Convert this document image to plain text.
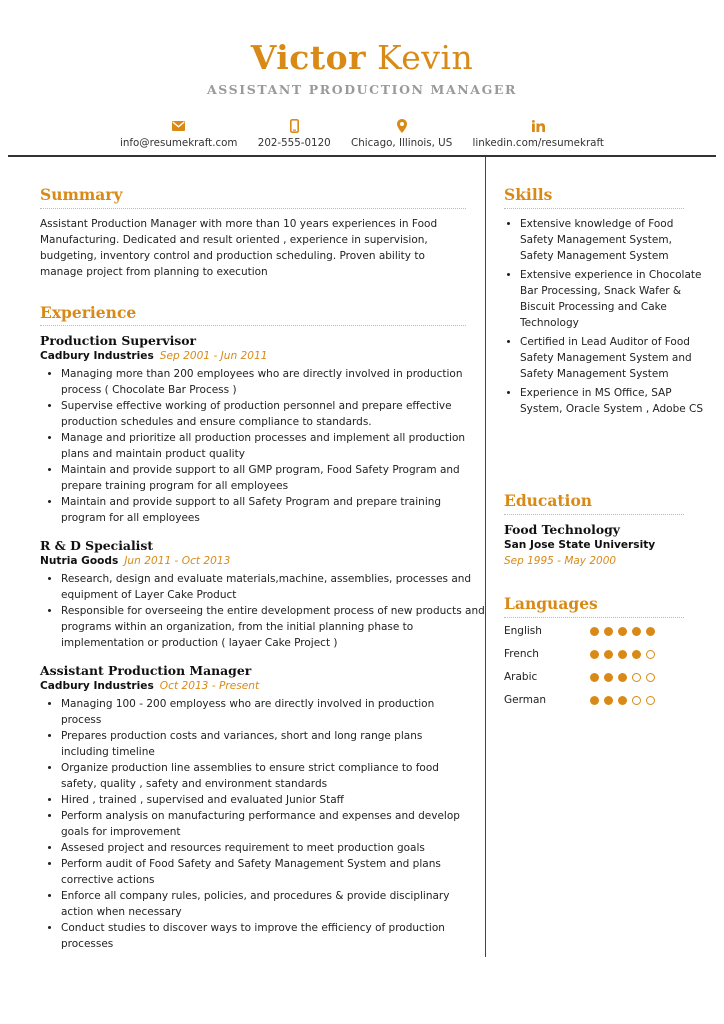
Victor Kevin
ASSISTANT PRODUCTION MANAGER
info@resumekraft.com 202-555-0120 Chicago, Illinois, US linkedin.com/resumekraft
Summary
Assistant Production Manager with more than 10 years experiences in Food Manufacturing. Dedicated and result oriented , experience in supervision, budgeting, inventory control and production scheduling. Proven ability to manage project from planning to execution
Experience
Production Supervisor
Cadbury Industries Sep 2001 - Jun 2011
• Managing more than 200 employees who are directly involved in production process ( Chocolate Bar Process )
• Supervise effective working of production personnel and prepare effective production schedules and ensure compliance to standards.
• Manage and prioritize all production processes and implement all production plans and maintain product quality
• Maintain and provide support to all GMP program, Food Safety Program and prepare training program for all employees
• Maintain and provide support to all Safety Program and prepare training program for all employees
R & D Specialist
Nutria Goods Jun 2011 - Oct 2013
• Research, design and evaluate materials,machine, assemblies, processes and equipment of Layer Cake Product
• Responsible for overseeing the entire development process of new products and programs within an organization, from the initial planning phase to implementation or production ( layaer Cake Project )
Assistant Production Manager
Cadbury Industries Oct 2013 - Present
• Managing 100 - 200 employess who are directly involved in production process
• Prepares production costs and variances, short and long range plans including timeline
• Organize production line assemblies to ensure strict compliance to food safety, quality , safety and environment standards
• Hired , trained , supervised and evaluated Junior Staff
• Perform analysis on manufacturing performance and expenses and develop goals for improvement
• Assesed project and resources requirement to meet production goals
• Perform audit of Food Safety and Safety Management System and plans corrective actions
• Enforce all company rules, policies, and procedures & provide disciplinary action when necessary
• Conduct studies to discover ways to improve the efficiency of production processes
Skills
• Extensive knowledge of Food Safety Management System, Safety Management System
• Extensive experience in Chocolate Bar Processing, Snack Wafer & Biscuit Processing and Cake Technology
• Certified in Lead Auditor of Food Safety Management System and Safety Management System
• Experience in MS Office, SAP System, Oracle System , Adobe CS
Education
Food Technology
San Jose State University
Sep 1995 - May 2000
Languages
English
French
Arabic
German
